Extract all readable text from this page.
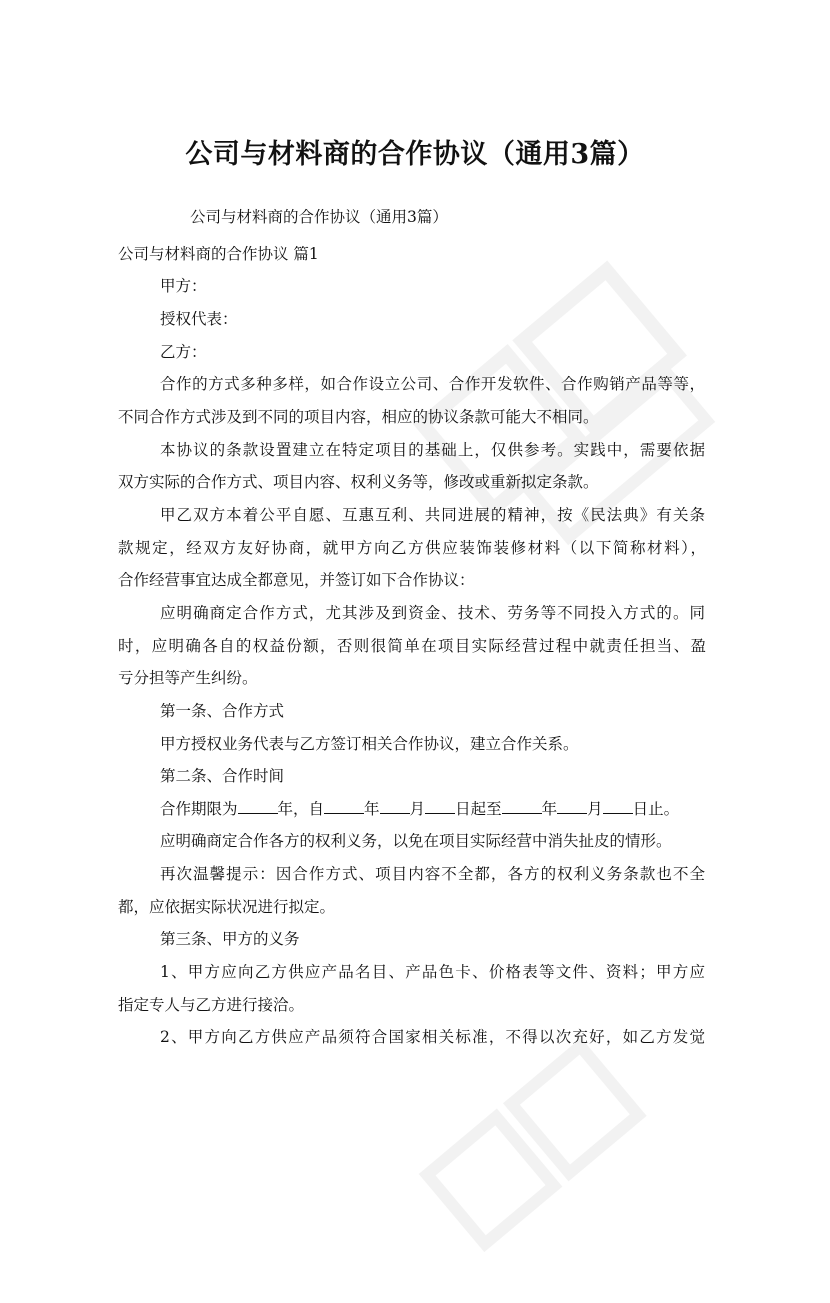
公司与材料商的合作协议（通用3篇）
公司与材料商的合作协议（通用3篇）
公司与材料商的合作协议 篇1
甲方：
授权代表：
乙方：
合作的方式多种多样，如合作设立公司、合作开发软件、合作购销产品等等，
不同合作方式涉及到不同的项目内容，相应的协议条款可能大不相同。
本协议的条款设置建立在特定项目的基础上，仅供参考。实践中，需要依据
双方实际的合作方式、项目内容、权利义务等，修改或重新拟定条款。
甲乙双方本着公平自愿、互惠互利、共同进展的精神，按《民法典》有关条
款规定，经双方友好协商，就甲方向乙方供应装饰装修材料（以下简称材料），
合作经营事宜达成全都意见，并签订如下合作协议：
应明确商定合作方式，尤其涉及到资金、技术、劳务等不同投入方式的。同
时，应明确各自的权益份额，否则很简单在项目实际经营过程中就责任担当、盈
亏分担等产生纠纷。
第一条、合作方式
甲方授权业务代表与乙方签订相关合作协议，建立合作关系。
第二条、合作时间
合作期限为	年，自	年 月 日起至	年 月 日止。
应明确商定合作各方的权利义务，以免在项目实际经营中消失扯皮的情形。
再次温馨提示：因合作方式、项目内容不全都，各方的权利义务条款也不全
都，应依据实际状况进行拟定。
第三条、甲方的义务
1、甲方应向乙方供应产品名目、产品色卡、价格表等文件、资料；甲方应
指定专人与乙方进行接洽。
2、甲方向乙方供应产品须符合国家相关标准，不得以次充好，如乙方发觉
